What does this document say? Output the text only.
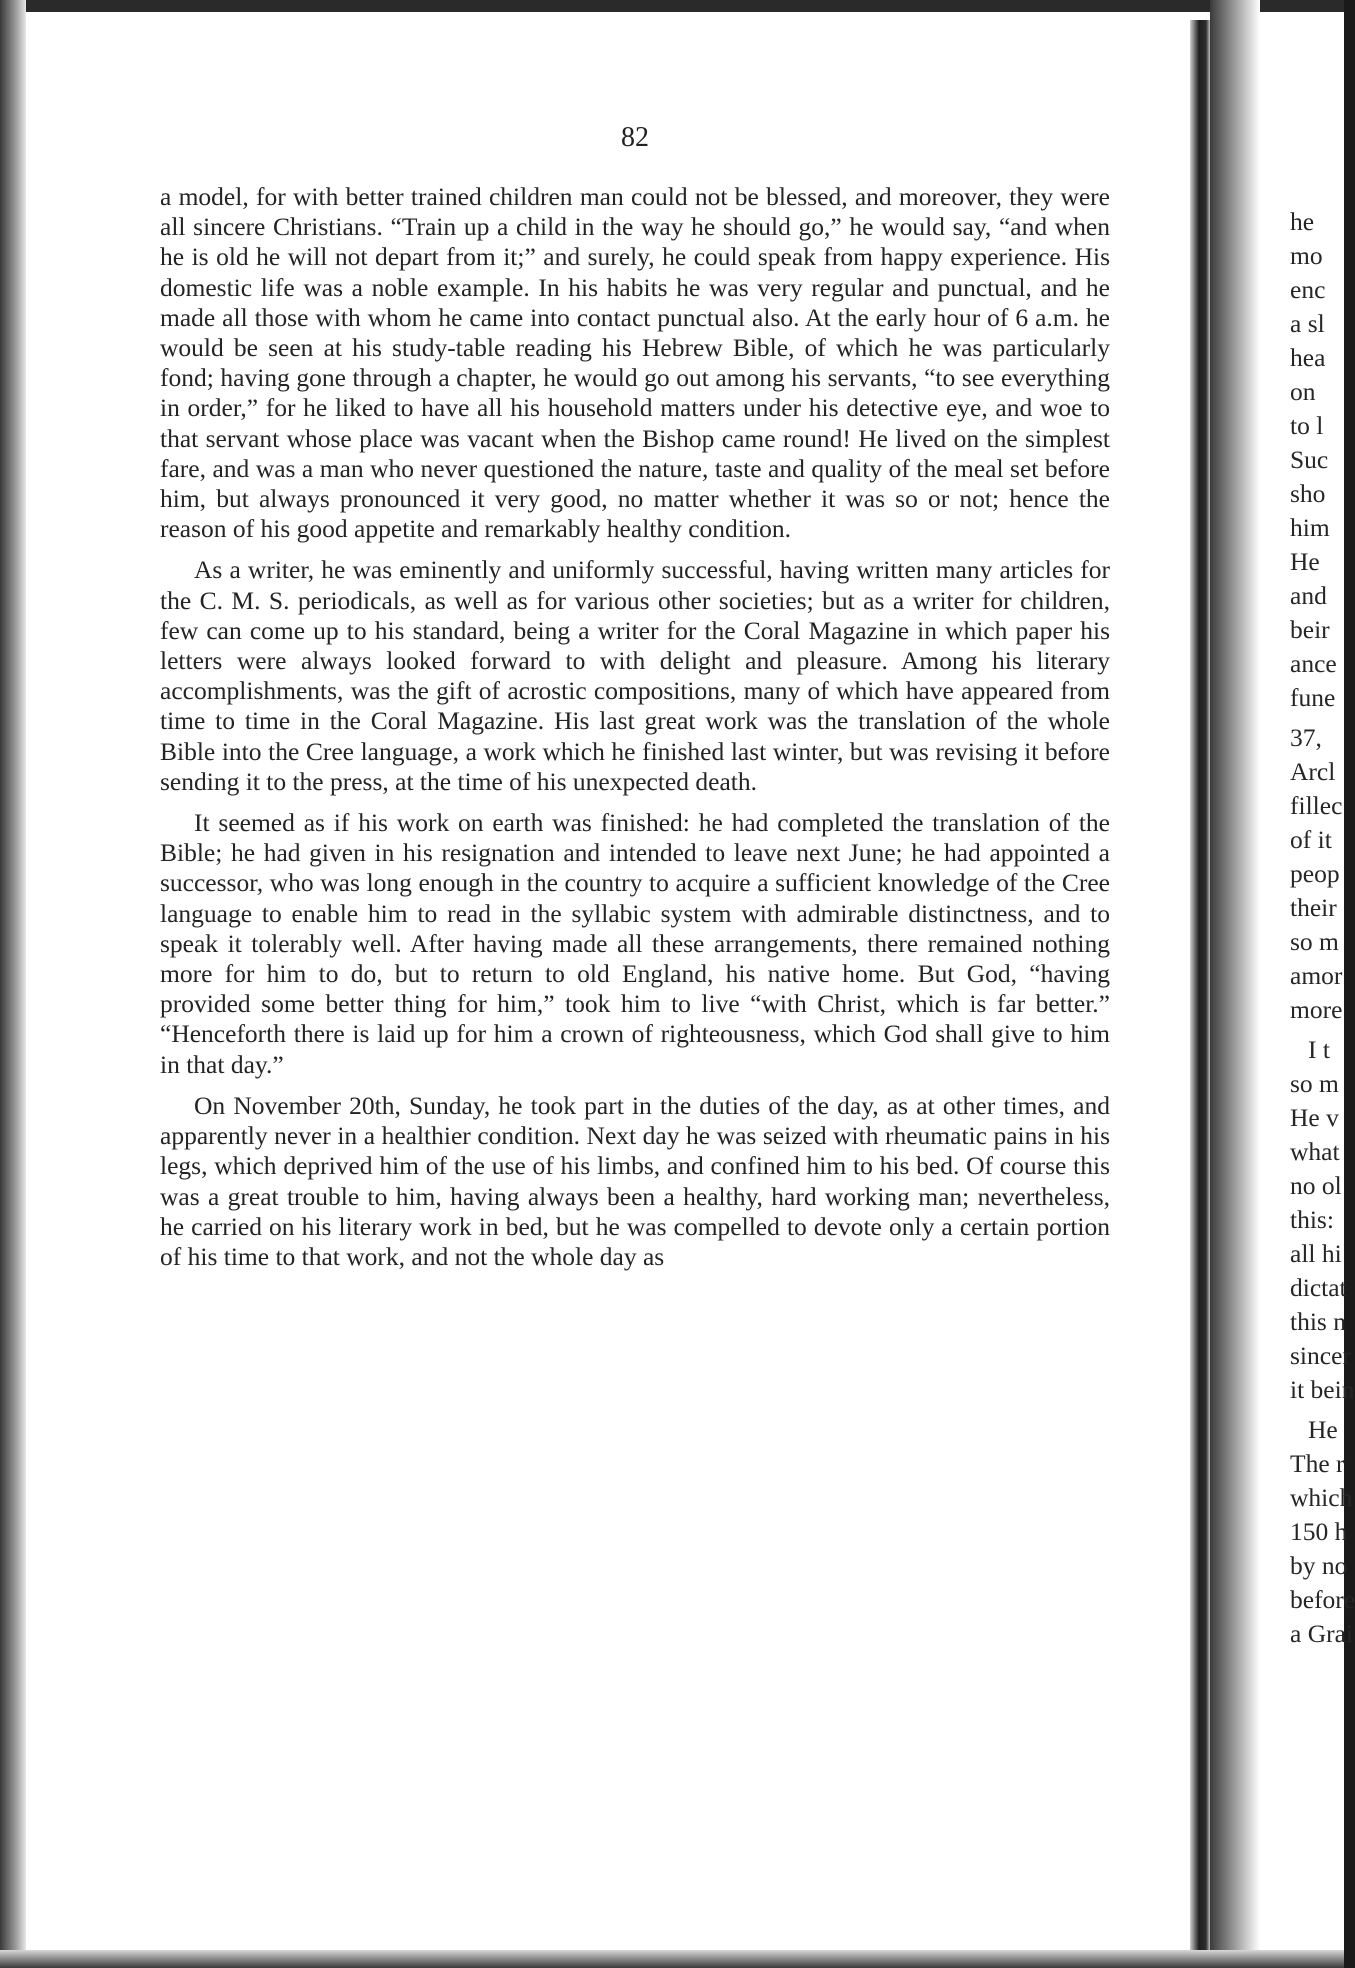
82

a model, for with better trained children man could not be blessed, and moreover, they were all sincere Christians. “Train up a child in the way he should go,” he would say, “and when he is old he will not depart from it;” and surely, he could speak from happy experience. His domestic life was a noble example. In his habits he was very regular and punctual, and he made all those with whom he came into contact punctual also. At the early hour of 6 a.m. he would be seen at his study-table reading his Hebrew Bible, of which he was particularly fond; having gone through a chapter, he would go out among his servants, “to see everything in order,” for he liked to have all his household matters under his detective eye, and woe to that servant whose place was vacant when the Bishop came round! He lived on the simplest fare, and was a man who never questioned the nature, taste and quality of the meal set before him, but always pronounced it very good, no matter whether it was so or not; hence the reason of his good appetite and remarkably healthy condition.

As a writer, he was eminently and uniformly successful, having written many articles for the C. M. S. periodicals, as well as for various other societies; but as a writer for children, few can come up to his standard, being a writer for the Coral Magazine in which paper his letters were always looked forward to with delight and pleasure. Among his literary accomplishments, was the gift of acrostic compositions, many of which have appeared from time to time in the Coral Magazine. His last great work was the translation of the whole Bible into the Cree language, a work which he finished last winter, but was revising it before sending it to the press, at the time of his unexpected death.

It seemed as if his work on earth was finished: he had completed the translation of the Bible; he had given in his resignation and intended to leave next June; he had appointed a successor, who was long enough in the country to acquire a sufficient knowledge of the Cree language to enable him to read in the syllabic system with admirable distinctness, and to speak it tolerably well. After having made all these arrangements, there remained nothing more for him to do, but to return to old England, his native home. But God, “having provided some better thing for him,” took him to live “with Christ, which is far better.” “Henceforth there is laid up for him a crown of righteousness, which God shall give to him in that day.”

On November 20th, Sunday, he took part in the duties of the day, as at other times, and apparently never in a healthier condition. Next day he was seized with rheumatic pains in his legs, which deprived him of the use of his limbs, and confined him to his bed. Of course this was a great trouble to him, having always been a healthy, hard working man; nevertheless, he carried on his literary work in bed, but he was compelled to devote only a certain portion of his time to that work, and not the whole day as

he
mo
enc
a sl
hea
on
to l
Suc
sho
him
He
and
beir
ance
fune
37,
Arcl
fillec
of it
peop
their
so m
amor
more
I t
so m
He v
what
no ol
this:
all hi
dictat
this n
sincer
it bein
He
The r
which
150 h
by no
before
a Grai
